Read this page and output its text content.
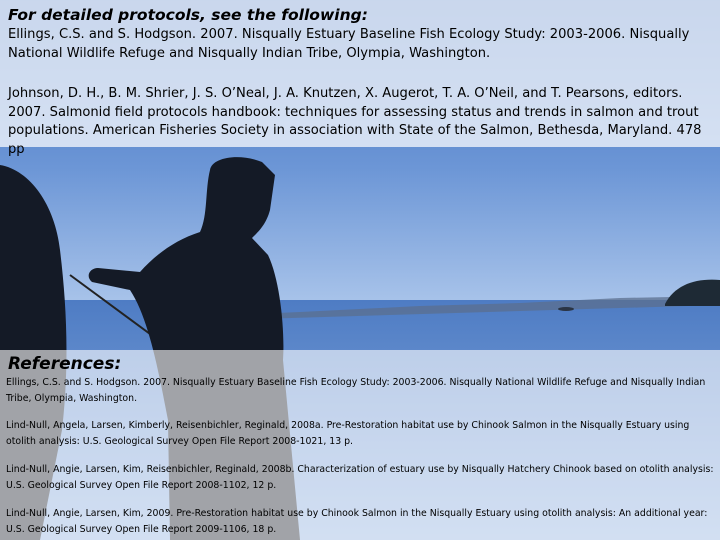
For detailed protocols, see the following:

Ellings, C.S. and S. Hodgson. 2007. Nisqually Estuary Baseline Fish Ecology Study: 2003-2006. Nisqually National Wildlife Refuge and Nisqually Indian Tribe, Olympia, Washington.

Johnson, D. H., B. M. Shrier, J. S. O’Neal, J. A. Knutzen, X. Augerot, T. A. O’Neil, and T. Pearsons, editors. 2007. Salmonid field protocols handbook: techniques for assessing status and trends in salmon and trout populations. American Fisheries Society in association with State of the Salmon, Bethesda, Maryland. 478 pp

References:

Ellings, C.S. and S. Hodgson. 2007. Nisqually Estuary Baseline Fish Ecology Study: 2003-2006. Nisqually National Wildlife Refuge and Nisqually Indian Tribe, Olympia, Washington.

Lind-Null, Angela, Larsen, Kimberly, Reisenbichler, Reginald, 2008a. Pre-Restoration habitat use by Chinook Salmon in the Nisqually Estuary using otolith analysis: U.S. Geological Survey Open File Report 2008-1021, 13 p.

Lind-Null, Angie, Larsen, Kim, Reisenbichler, Reginald, 2008b. Characterization of estuary use by Nisqually Hatchery Chinook based on otolith analysis: U.S. Geological Survey Open File Report 2008-1102, 12 p.

Lind-Null, Angie, Larsen, Kim, 2009. Pre-Restoration habitat use by Chinook Salmon in the Nisqually Estuary using otolith analysis: An additional year: U.S. Geological Survey Open File Report 2009-1106, 18 p.
